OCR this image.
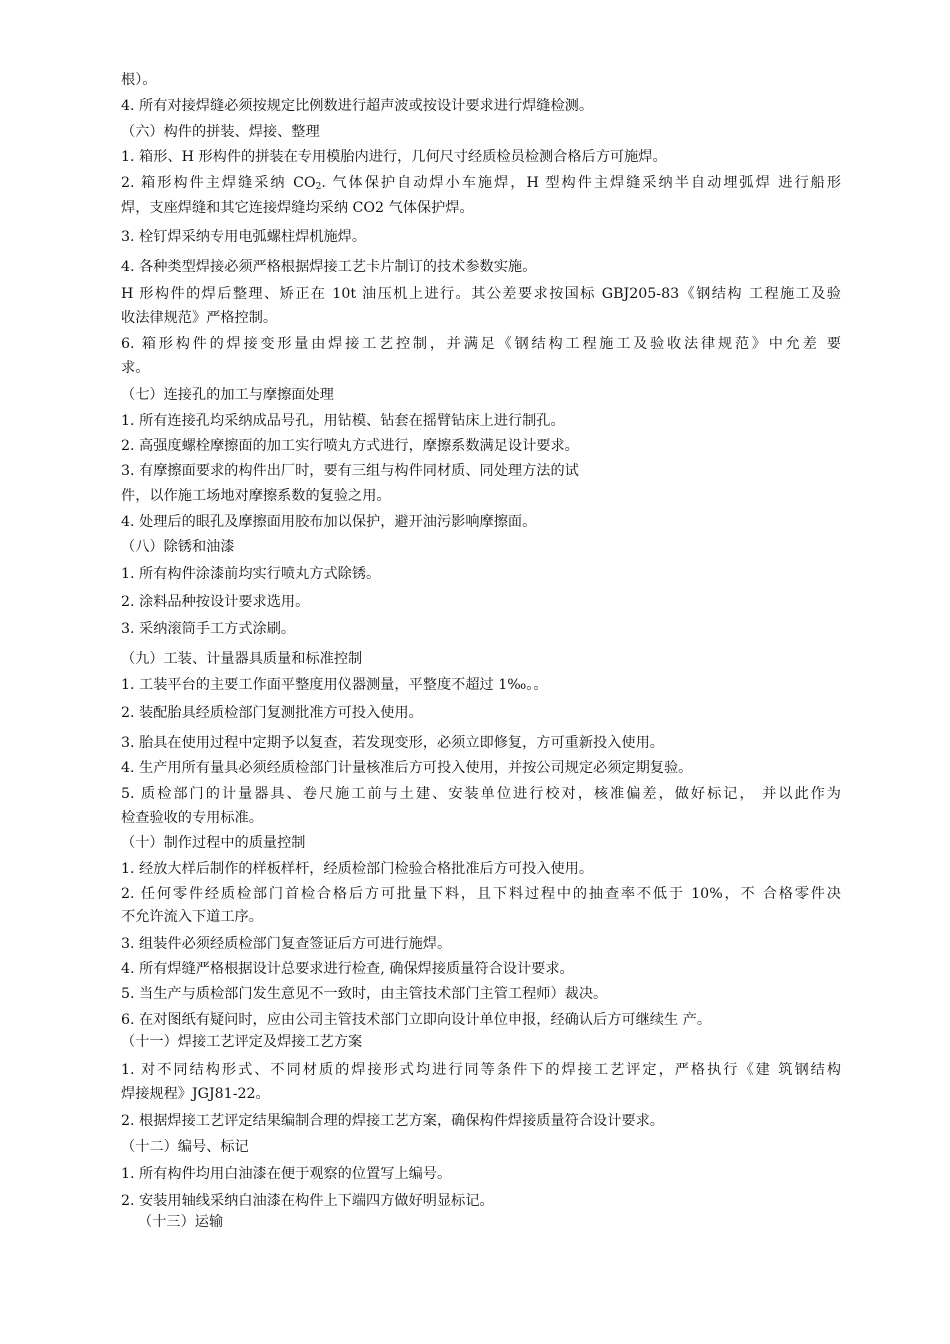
根）。
4. 所有对接焊缝必须按规定比例数进行超声波或按设计要求进行焊缝检测。
（六）构件的拼装、焊接、整理
1. 箱形、H 形构件的拼装在专用模胎内进行，几何尺寸经质检员检测合格后方可施焊。
2. 箱形构件主焊缝采纳 $CO_2$. 气体保护自动焊小车施焊，H 型构件主焊缝采纳半自动埋弧焊 进行船形
焊，支座焊缝和其它连接焊缝均采纳 CO2 气体保护焊。
3. 栓钉焊采纳专用电弧螺柱焊机施焊。
4. 各种类型焊接必须严格根据焊接工艺卡片制订的技术参数实施。
H 形构件的焊后整理、矫正在 10t 油压机上进行。其公差要求按国标 GBJ205-83《钢结构 工程施工及验
收法律规范》严格控制。
6. 箱形构件的焊接变形量由焊接工艺控制，并满足《钢结构工程施工及验收法律规范》中允差 要
求。
（七）连接孔的加工与摩擦面处理
1. 所有连接孔均采纳成品号孔，用钻模、钻套在摇臂钻床上进行制孔。
2. 高强度螺栓摩擦面的加工实行喷丸方式进行，摩擦系数满足设计要求。
3. 有摩擦面要求的构件出厂时，要有三组与构件同材质、同处理方法的试
件，以作施工场地对摩擦系数的复验之用。
4. 处理后的眼孔及摩擦面用胶布加以保护，避开油污影响摩擦面。
（八）除锈和油漆
1. 所有构件涂漆前均实行喷丸方式除锈。
2. 涂料品种按设计要求选用。
3. 采纳滚筒手工方式涂刷。
（九）工装、计量器具质量和标准控制
1. 工装平台的主要工作面平整度用仪器测量，平整度不超过 1‰。。
2. 装配胎具经质检部门复测批准方可投入使用。
3. 胎具在使用过程中定期予以复查，若发现变形，必须立即修复，方可重新投入使用。
4. 生产用所有量具必须经质检部门计量核准后方可投入使用，并按公司规定必须定期复验。
5. 质检部门的计量器具、卷尺施工前与土建、安装单位进行校对，核准偏差，做好标记， 并以此作为
检查验收的专用标准。
（十）制作过程中的质量控制
1. 经放大样后制作的样板样杆，经质检部门检验合格批准后方可投入使用。
2. 任何零件经质检部门首检合格后方可批量下料，且下料过程中的抽查率不低于 10%，不 合格零件决
不允许流入下道工序。
3. 组装件必须经质检部门复查签证后方可进行施焊。
4. 所有焊缝严格根据设计总要求进行检查, 确保焊接质量符合设计要求。
5. 当生产与质检部门发生意见不一致时，由主管技术部门主管工程师）裁决。
6. 在对图纸有疑问时，应由公司主管技术部门立即向设计单位申报，经确认后方可继续生 产。
（十一）焊接工艺评定及焊接工艺方案
1. 对不同结构形式、不同材质的焊接形式均进行同等条件下的焊接工艺评定，严格执行《建 筑钢结构
焊接规程》JGJ81-22。
2. 根据焊接工艺评定结果编制合理的焊接工艺方案，确保构件焊接质量符合设计要求。
（十二）编号、标记
1. 所有构件均用白油漆在便于观察的位置写上编号。
2. 安装用轴线采纳白油漆在构件上下端四方做好明显标记。
（十三）运输
